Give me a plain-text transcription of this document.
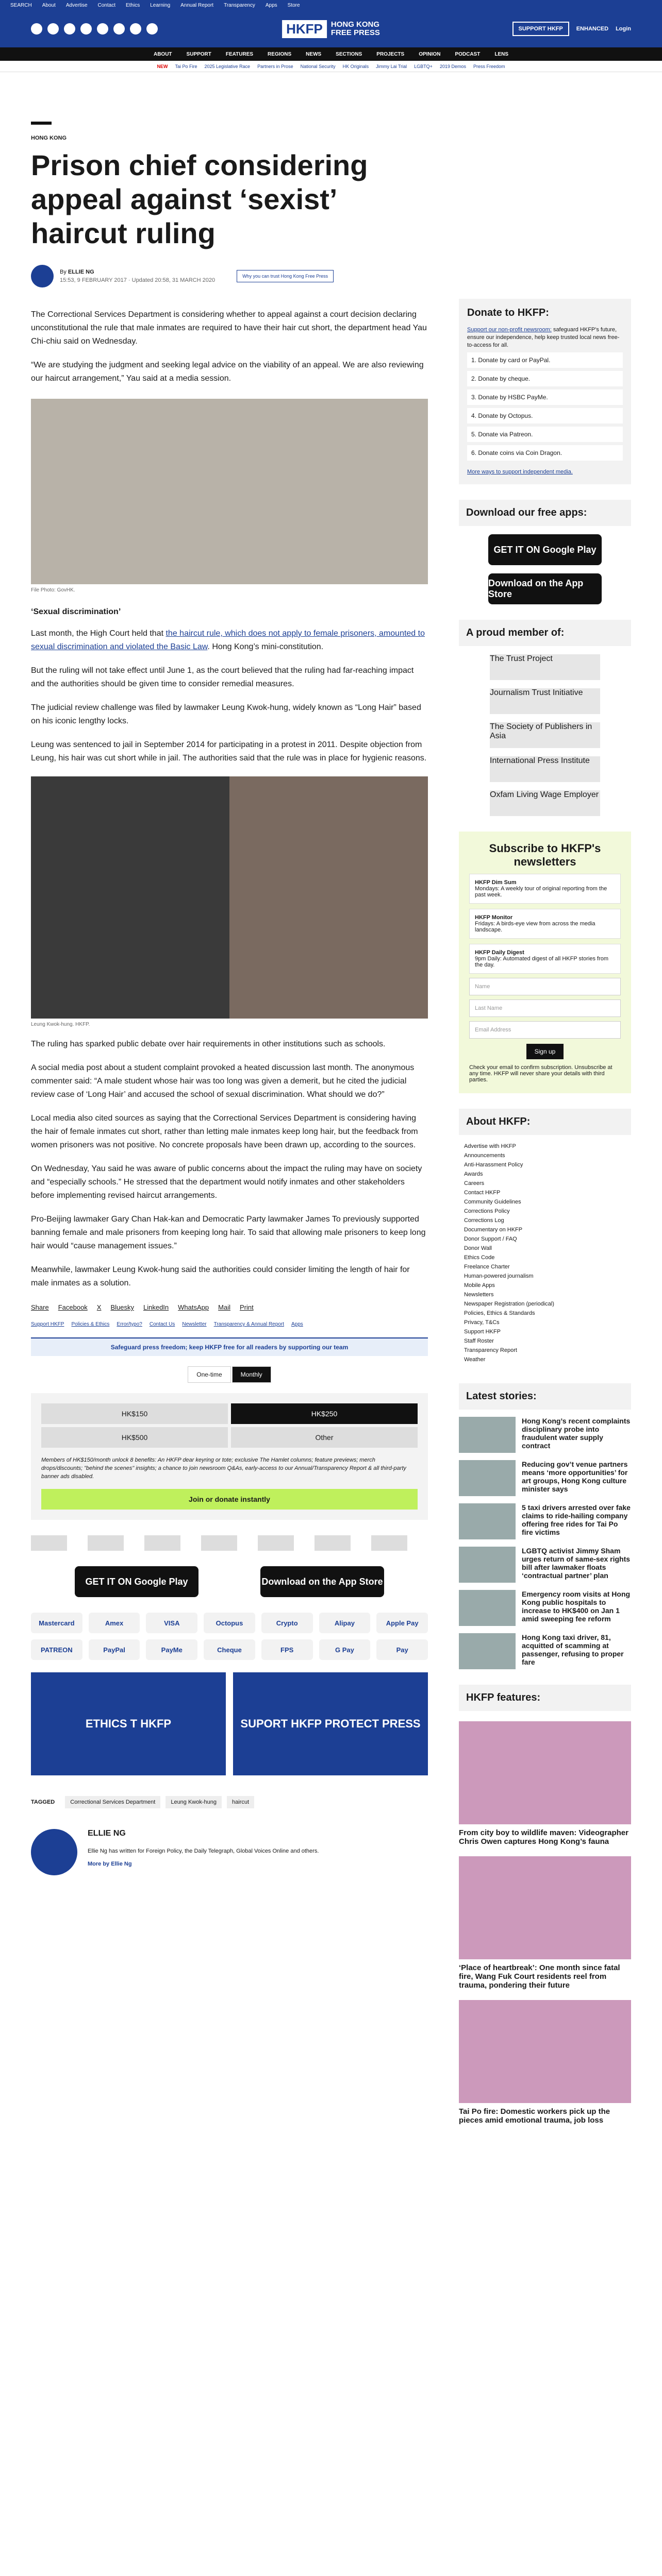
SEARCH About Advertise Contact Ethics Learning Annual Report Transparency Apps Store
HKFP	HONG KONG
FREE PRESS	SUPPORT HKFP	ENHANCED Login
ABOUT	SUPPORT	FEATURES	REGIONS	NEWS	SECTIONS	PROJECTS	OPINION	PODCAST	LENS
NEW Tai Po Fire 2025 Legislative Race Partners in Prose National Security HK Originals Jimmy Lai Trial LGBTQ+ 2019 Demos Press Freedom
HONG KONG
Prison chief considering appeal against ‘sexist’ haircut ruling
By ELLIE NG
15:53, 9 FEBRUARY 2017 · Updated 20:58, 31 MARCH 2020
Why you can trust Hong Kong Free Press

The Correctional Services Department is considering whether to appeal against a court decision declaring unconstitutional the rule that male inmates are required to have their hair cut short, the department head Yau Chi-chiu said on Wednesday.

“We are studying the judgment and seeking legal advice on the viability of an appeal. We are also reviewing our haircut arrangement,” Yau said at a media session.

File Photo: GovHK.
‘Sexual discrimination’

Last month, the High Court held that the haircut rule, which does not apply to female prisoners, amounted to sexual discrimination and violated the Basic Law. Hong Kong’s mini-constitution.

But the ruling will not take effect until June 1, as the court believed that the ruling had far-reaching impact and the authorities should be given time to consider remedial measures.

The judicial review challenge was filed by lawmaker Leung Kwok-hung, widely known as “Long Hair” based on his iconic lengthy locks.

Leung was sentenced to jail in September 2014 for participating in a protest in 2011. Despite objection from Leung, his hair was cut short while in jail. The authorities said that the rule was in place for hygienic reasons.

Leung Kwok-hung. HKFP.

The ruling has sparked public debate over hair requirements in other institutions such as schools.

A social media post about a student complaint provoked a heated discussion last month. The anonymous commenter said: “A male student whose hair was too long was given a demerit, but he cited the judicial review case of ‘Long Hair’ and accused the school of sexual discrimination. What should we do?”

Local media also cited sources as saying that the Correctional Services Department is considering having the hair of female inmates cut short, rather than letting male inmates keep long hair, but the feedback from women prisoners was not positive. No concrete proposals have been drawn up, according to the sources.

On Wednesday, Yau said he was aware of public concerns about the impact the ruling may have on society and “especially schools.” He stressed that the department would notify inmates and other stakeholders before implementing revised haircut arrangements.

Pro-Beijing lawmaker Gary Chan Hak-kan and Democratic Party lawmaker James To previously supported banning female and male prisoners from keeping long hair. To said that allowing male prisoners to keep long hair would “cause management issues.”

Meanwhile, lawmaker Leung Kwok-hung said the authorities could consider limiting the length of hair for male inmates as a solution.

Share Facebook X Bluesky LinkedIn WhatsApp Mail Print
Support HKFP Policies & Ethics Error/typo? Contact Us Newsletter Transparency & Annual Report Apps
Safeguard press freedom; keep HKFP free for all readers by supporting our team
One-time	Monthly
HK$150	HK$250
HK$500	Other
Members of HK$150/month unlock 8 benefits: An HKFP dear keyring or tote; exclusive The Hamlet columns; feature previews; merch drops/discounts; "behind the scenes" insights; a chance to join newsroom Q&As, early-access to our Annual/Transparency Report & all third-party banner ads disabled.
Join or donate instantly
GET IT ON Google Play	Download on the App Store
Mastercard	Amex	VISA	Octopus	Crypto	Alipay	Apple Pay
PATREON	PayPal	PayMe	Cheque	FPS	G Pay	Pay
ETHICS T HKFP	SUPORT HKFP PROTECT PRESS
TAGGED	Correctional Services Department	Leung Kwok-hung	haircut
ELLIE NG
Ellie Ng has written for Foreign Policy, the Daily Telegraph, Global Voices Online and others.
More by Ellie Ng
Donate to HKFP:

Support our non-profit newsroom: safeguard HKFP's future, ensure our independence, help keep trusted local news free-to-access for all.

1. Donate by card or PayPal.
2. Donate by cheque.
3. Donate by HSBC PayMe.
4. Donate by Octopus.
5. Donate via Patreon.
6. Donate coins via Coin Dragon.

More ways to support independent media.

Download our free apps:
GET IT ON Google Play
Download on the App Store
A proud member of:
The Trust Project
Journalism Trust Initiative
The Society of Publishers in Asia
International Press Institute
Oxfam Living Wage Employer
Subscribe to HKFP's newsletters
HKFP Dim Sum
Mondays: A weekly tour of original reporting from the past week.
HKFP Monitor
Fridays: A birds-eye view from across the media landscape.
HKFP Daily Digest
9pm Daily: Automated digest of all HKFP stories from the day.
Name
Last Name
Email Address
Sign up

Check your email to confirm subscription. Unsubscribe at any time. HKFP will never share your details with third parties.

About HKFP:
Advertise with HKFP
Announcements
Anti-Harassment Policy
Awards
Careers
Contact HKFP
Community Guidelines
Corrections Policy
Corrections Log
Documentary on HKFP
Donor Support / FAQ
Donor Wall
Ethics Code
Freelance Charter
Human-powered journalism
Mobile Apps
Newsletters
Newspaper Registration (periodical)
Policies, Ethics & Standards
Privacy, T&Cs
Support HKFP
Staff Roster
Transparency Report
Weather
Latest stories:
Hong Kong’s recent complaints disciplinary probe into fraudulent water supply contract
Reducing gov’t venue partners means ‘more opportunities’ for art groups, Hong Kong culture minister says
5 taxi drivers arrested over fake claims to ride-hailing company offering free rides for Tai Po fire victims
LGBTQ activist Jimmy Sham urges return of same-sex rights bill after lawmaker floats ‘contractual partner’ plan
Emergency room visits at Hong Kong public hospitals to increase to HK$400 on Jan 1 amid sweeping fee reform
Hong Kong taxi driver, 81, acquitted of scamming at passenger, refusing to proper fare
HKFP features:
From city boy to wildlife maven: Videographer Chris Owen captures Hong Kong’s fauna
‘Place of heartbreak’: One month since fatal fire, Wang Fuk Court residents reel from trauma, pondering their future
Tai Po fire: Domestic workers pick up the pieces amid emotional trauma, job loss
